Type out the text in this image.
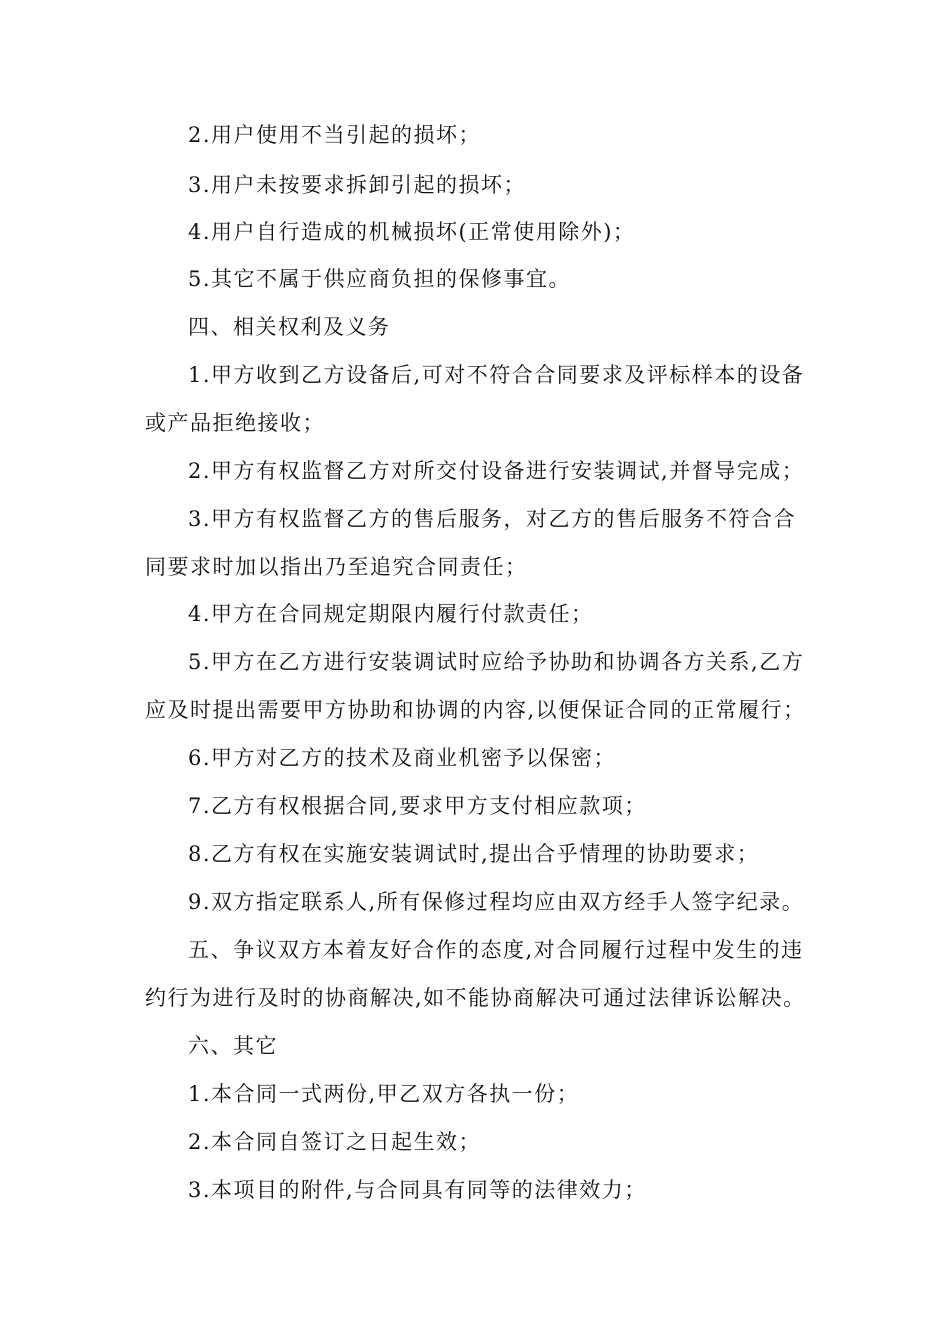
2.用户使用不当引起的损坏；
3.用户未按要求拆卸引起的损坏；
4.用户自行造成的机械损坏(正常使用除外)；
5.其它不属于供应商负担的保修事宜。
四、相关权利及义务
1.甲方收到乙方设备后,可对不符合合同要求及评标样本的设备
或产品拒绝接收；
2.甲方有权监督乙方对所交付设备进行安装调试,并督导完成；
3.甲方有权监督乙方的售后服务，对乙方的售后服务不符合合
同要求时加以指出乃至追究合同责任；
4.甲方在合同规定期限内履行付款责任；
5.甲方在乙方进行安装调试时应给予协助和协调各方关系,乙方
应及时提出需要甲方协助和协调的内容,以便保证合同的正常履行；
6.甲方对乙方的技术及商业机密予以保密；
7.乙方有权根据合同,要求甲方支付相应款项；
8.乙方有权在实施安装调试时,提出合乎情理的协助要求；
9.双方指定联系人,所有保修过程均应由双方经手人签字纪录。
五、争议双方本着友好合作的态度,对合同履行过程中发生的违
约行为进行及时的协商解决,如不能协商解决可通过法律诉讼解决。
六、其它
1.本合同一式两份,甲乙双方各执一份；
2.本合同自签订之日起生效；
3.本项目的附件,与合同具有同等的法律效力；
